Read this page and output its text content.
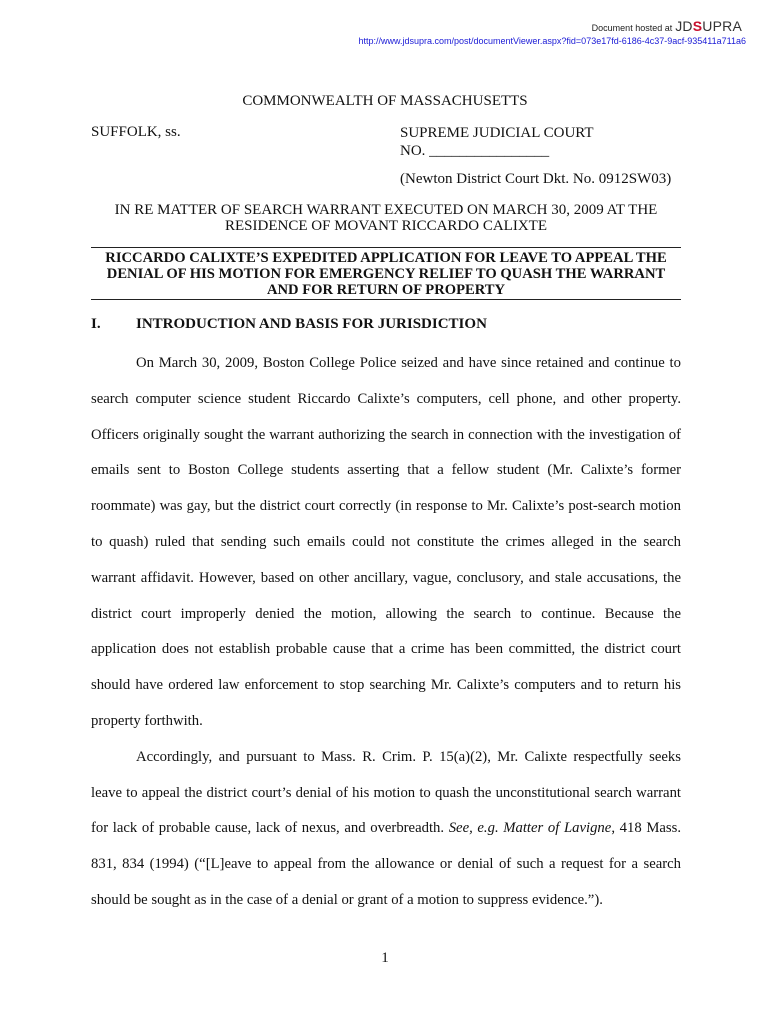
Document hosted at JDSUPRA
http://www.jdsupra.com/post/documentViewer.aspx?fid=073e17fd-6186-4c37-9acf-935411a711a6
COMMONWEALTH OF MASSACHUSETTS
SUFFOLK, ss.	SUPREME JUDICIAL COURT
NO. ________________
(Newton District Court Dkt. No. 0912SW03)
IN RE MATTER OF SEARCH WARRANT EXECUTED ON MARCH 30, 2009 AT THE RESIDENCE OF MOVANT RICCARDO CALIXTE
RICCARDO CALIXTE’S EXPEDITED APPLICATION FOR LEAVE TO APPEAL THE DENIAL OF HIS MOTION FOR EMERGENCY RELIEF TO QUASH THE WARRANT AND FOR RETURN OF PROPERTY
I. INTRODUCTION AND BASIS FOR JURISDICTION

On March 30, 2009, Boston College Police seized and have since retained and continue to search computer science student Riccardo Calixte’s computers, cell phone, and other property. Officers originally sought the warrant authorizing the search in connection with the investigation of emails sent to Boston College students asserting that a fellow student (Mr. Calixte’s former roommate) was gay, but the district court correctly (in response to Mr. Calixte’s post-search motion to quash) ruled that sending such emails could not constitute the crimes alleged in the search warrant affidavit. However, based on other ancillary, vague, conclusory, and stale accusations, the district court improperly denied the motion, allowing the search to continue. Because the application does not establish probable cause that a crime has been committed, the district court should have ordered law enforcement to stop searching Mr. Calixte’s computers and to return his property forthwith.

Accordingly, and pursuant to Mass. R. Crim. P. 15(a)(2), Mr. Calixte respectfully seeks leave to appeal the district court’s denial of his motion to quash the unconstitutional search warrant for lack of probable cause, lack of nexus, and overbreadth. See, e.g. Matter of Lavigne, 418 Mass. 831, 834 (1994) (“[L]eave to appeal from the allowance or denial of such a request for a search should be sought as in the case of a denial or grant of a motion to suppress evidence.”).

1
